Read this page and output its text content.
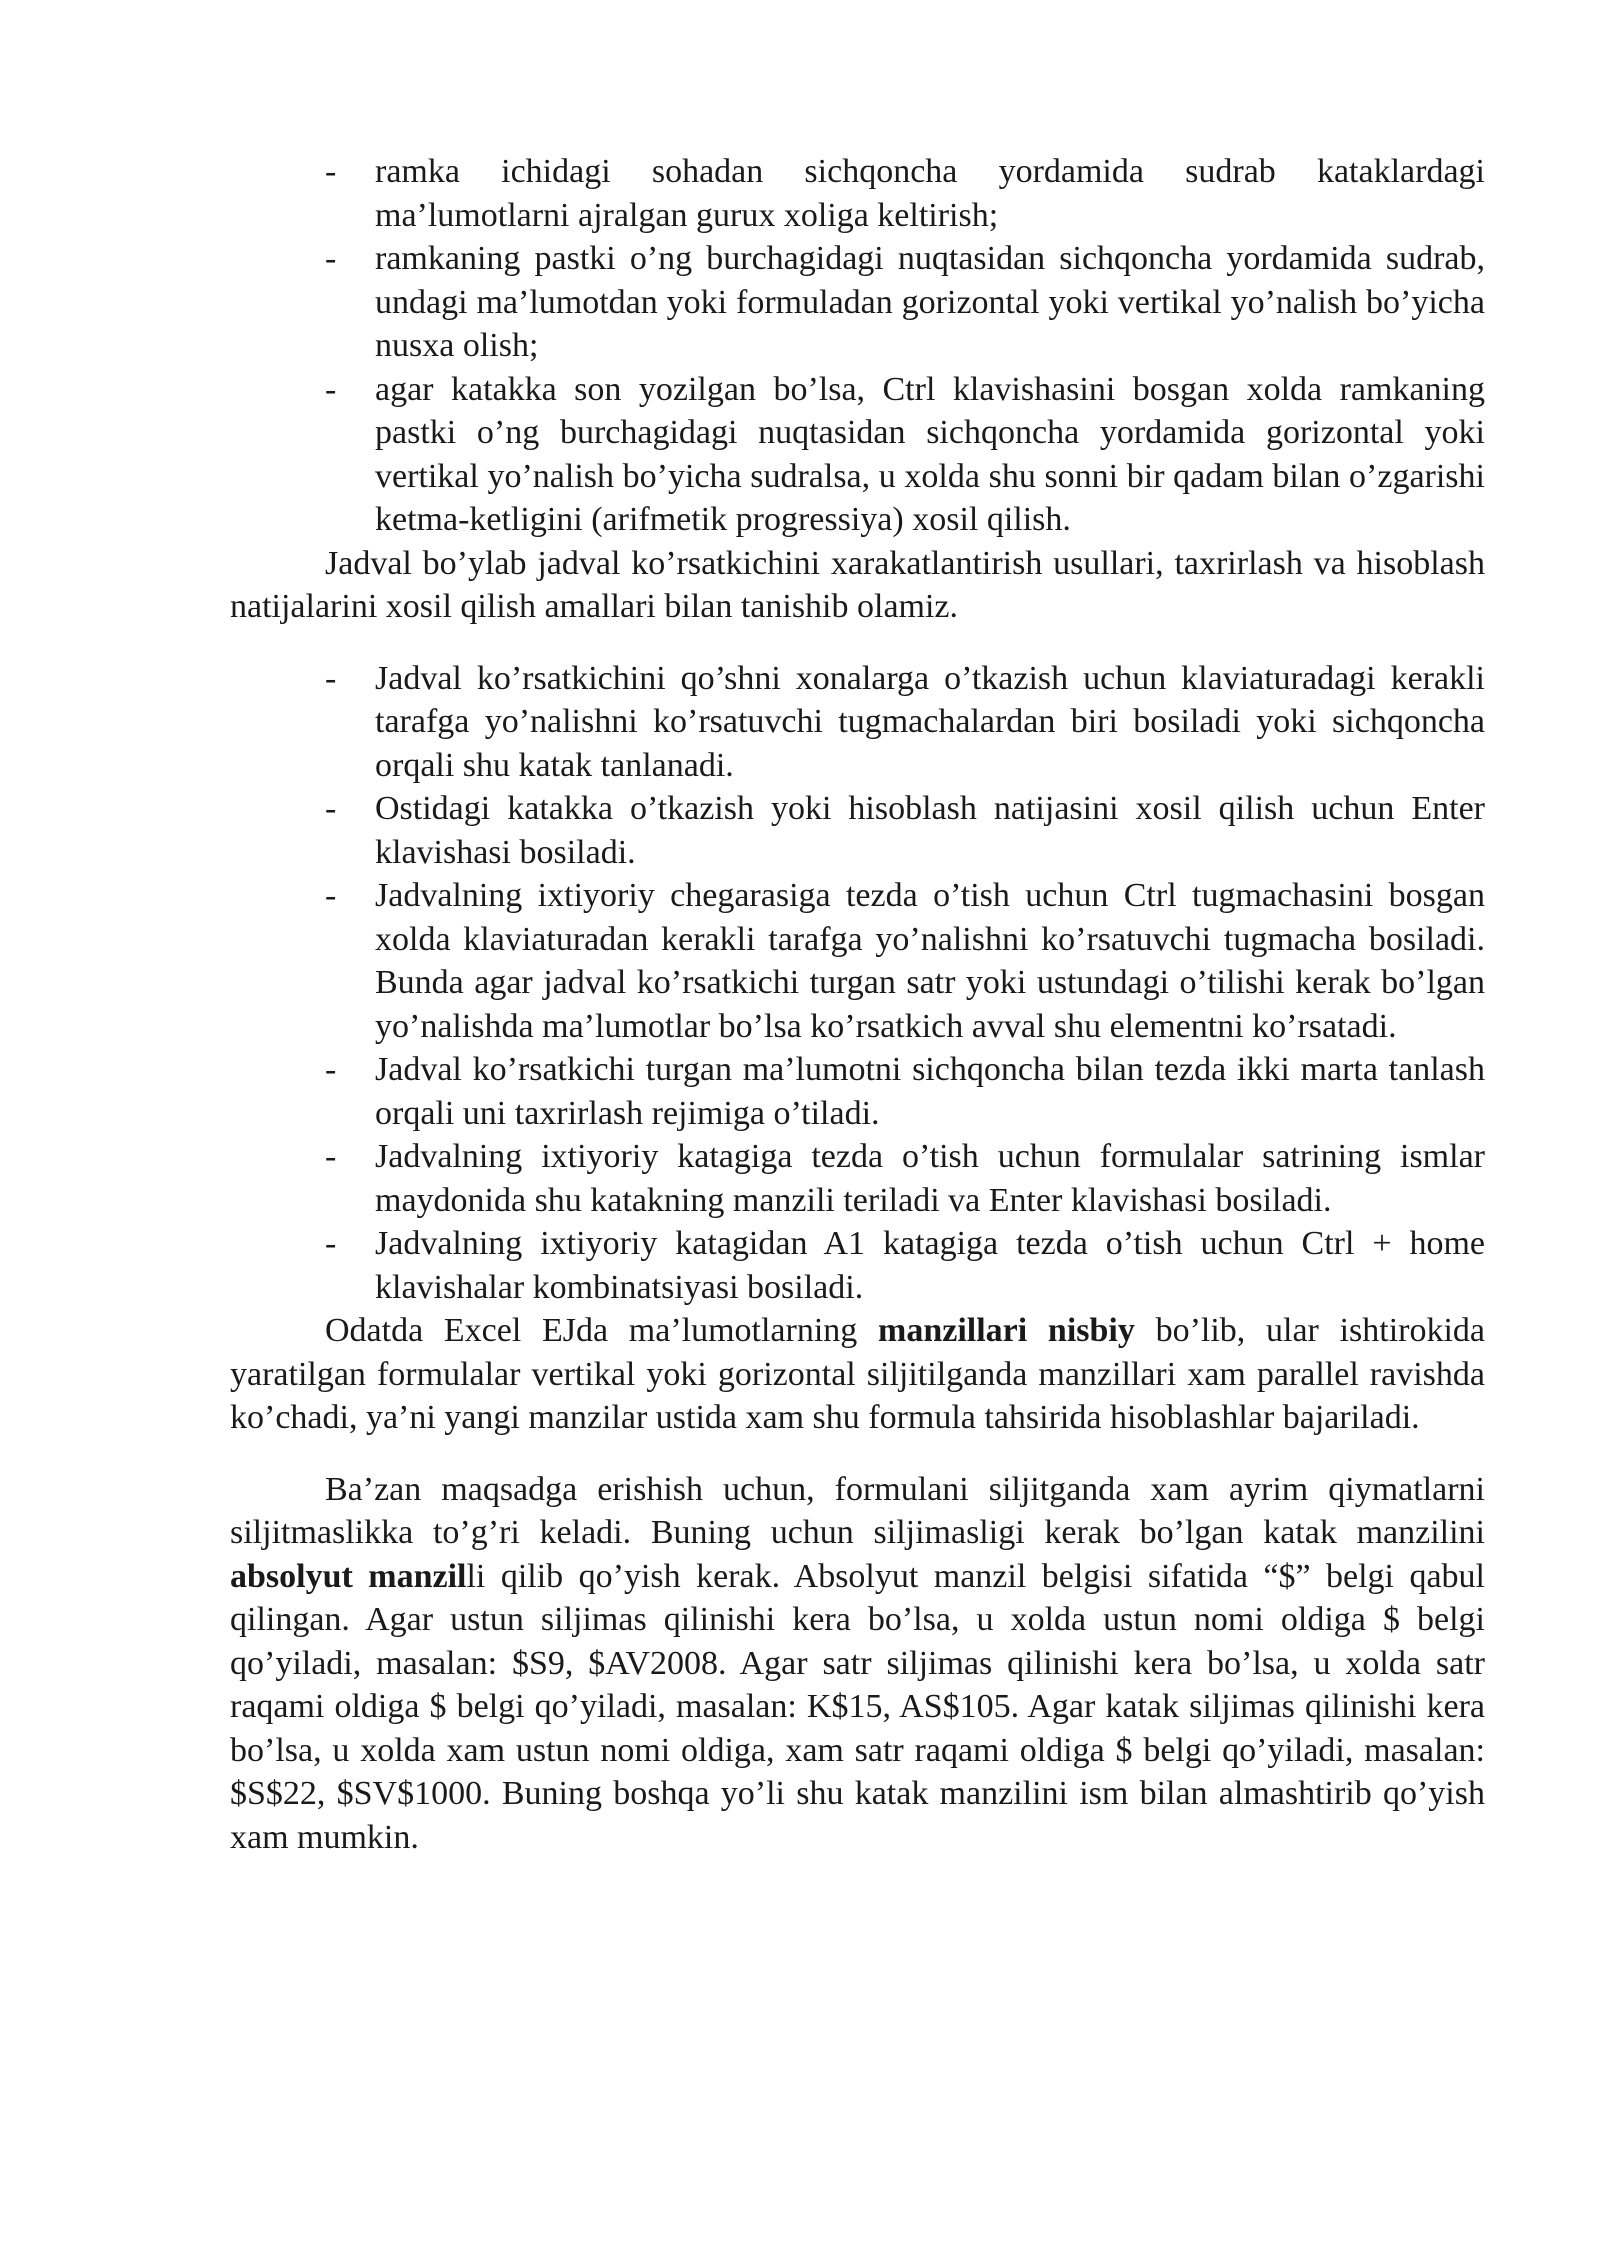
- ramka ichidagi sohadan sichqoncha yordamida sudrab kataklardagi ma’lumotlarni ajralgan gurux xoliga keltirish;
- ramkaning pastki o’ng burchagidagi nuqtasidan sichqoncha yordamida sudrab, undagi ma’lumotdan yoki formuladan gorizontal yoki vertikal yo’nalish bo’yicha nusxa olish;
- agar katakka son yozilgan bo’lsa, Ctrl klavishasini bosgan xolda ramkaning pastki o’ng burchagidagi nuqtasidan sichqoncha yordamida gorizontal yoki vertikal yo’nalish bo’yicha sudralsa, u xolda shu sonni bir qadam bilan o’zgarishi ketma-ketligini (arifmetik progressiya) xosil qilish.

Jadval bo’ylab jadval ko’rsatkichini xarakatlantirish usullari, taxrirlash va hisoblash natijalarini xosil qilish amallari bilan tanishib olamiz.

- Jadval ko’rsatkichini qo’shni xonalarga o’tkazish uchun klaviaturadagi kerakli tarafga yo’nalishni ko’rsatuvchi tugmachalardan biri bosiladi yoki sichqoncha orqali shu katak tanlanadi.
- Ostidagi katakka o’tkazish yoki hisoblash natijasini xosil qilish uchun Enter klavishasi bosiladi.
- Jadvalning ixtiyoriy chegarasiga tezda o’tish uchun Ctrl tugmachasini bosgan xolda klaviaturadan kerakli tarafga yo’nalishni ko’rsatuvchi tugmacha bosiladi. Bunda agar jadval ko’rsatkichi turgan satr yoki ustundagi o’tilishi kerak bo’lgan yo’nalishda ma’lumotlar bo’lsa ko’rsatkich avval shu elementni ko’rsatadi.
- Jadval ko’rsatkichi turgan ma’lumotni sichqoncha bilan tezda ikki marta tanlash orqali uni taxrirlash rejimiga o’tiladi.
- Jadvalning ixtiyoriy katagiga tezda o’tish uchun formulalar satrining ismlar maydonida shu katakning manzili teriladi va Enter klavishasi bosiladi.
- Jadvalning ixtiyoriy katagidan A1 katagiga tezda o’tish uchun Ctrl + home klavishalar kombinatsiyasi bosiladi.

Odatda Excel EJda ma’lumotlarning manzillari nisbiy bo’lib, ular ishtirokida yaratilgan formulalar vertikal yoki gorizontal siljitilganda manzillari xam parallel ravishda ko’chadi, ya’ni yangi manzilar ustida xam shu formula tahsirida hisoblashlar bajariladi.

Ba’zan maqsadga erishish uchun, formulani siljitganda xam ayrim qiymatlarni siljitmaslikka to’g’ri keladi. Buning uchun siljimasligi kerak bo’lgan katak manzilini absolyut manzilli qilib qo’yish kerak. Absolyut manzil belgisi sifatida “$” belgi qabul qilingan. Agar ustun siljimas qilinishi kera bo’lsa, u xolda ustun nomi oldiga $ belgi qo’yiladi, masalan: $S9, $AV2008. Agar satr siljimas qilinishi kera bo’lsa, u xolda satr raqami oldiga $ belgi qo’yiladi, masalan: K$15, AS$105. Agar katak siljimas qilinishi kera bo’lsa, u xolda xam ustun nomi oldiga, xam satr raqami oldiga $ belgi qo’yiladi, masalan: $S$22, $SV$1000. Buning boshqa yo’li shu katak manzilini ism bilan almashtirib qo’yish xam mumkin.
